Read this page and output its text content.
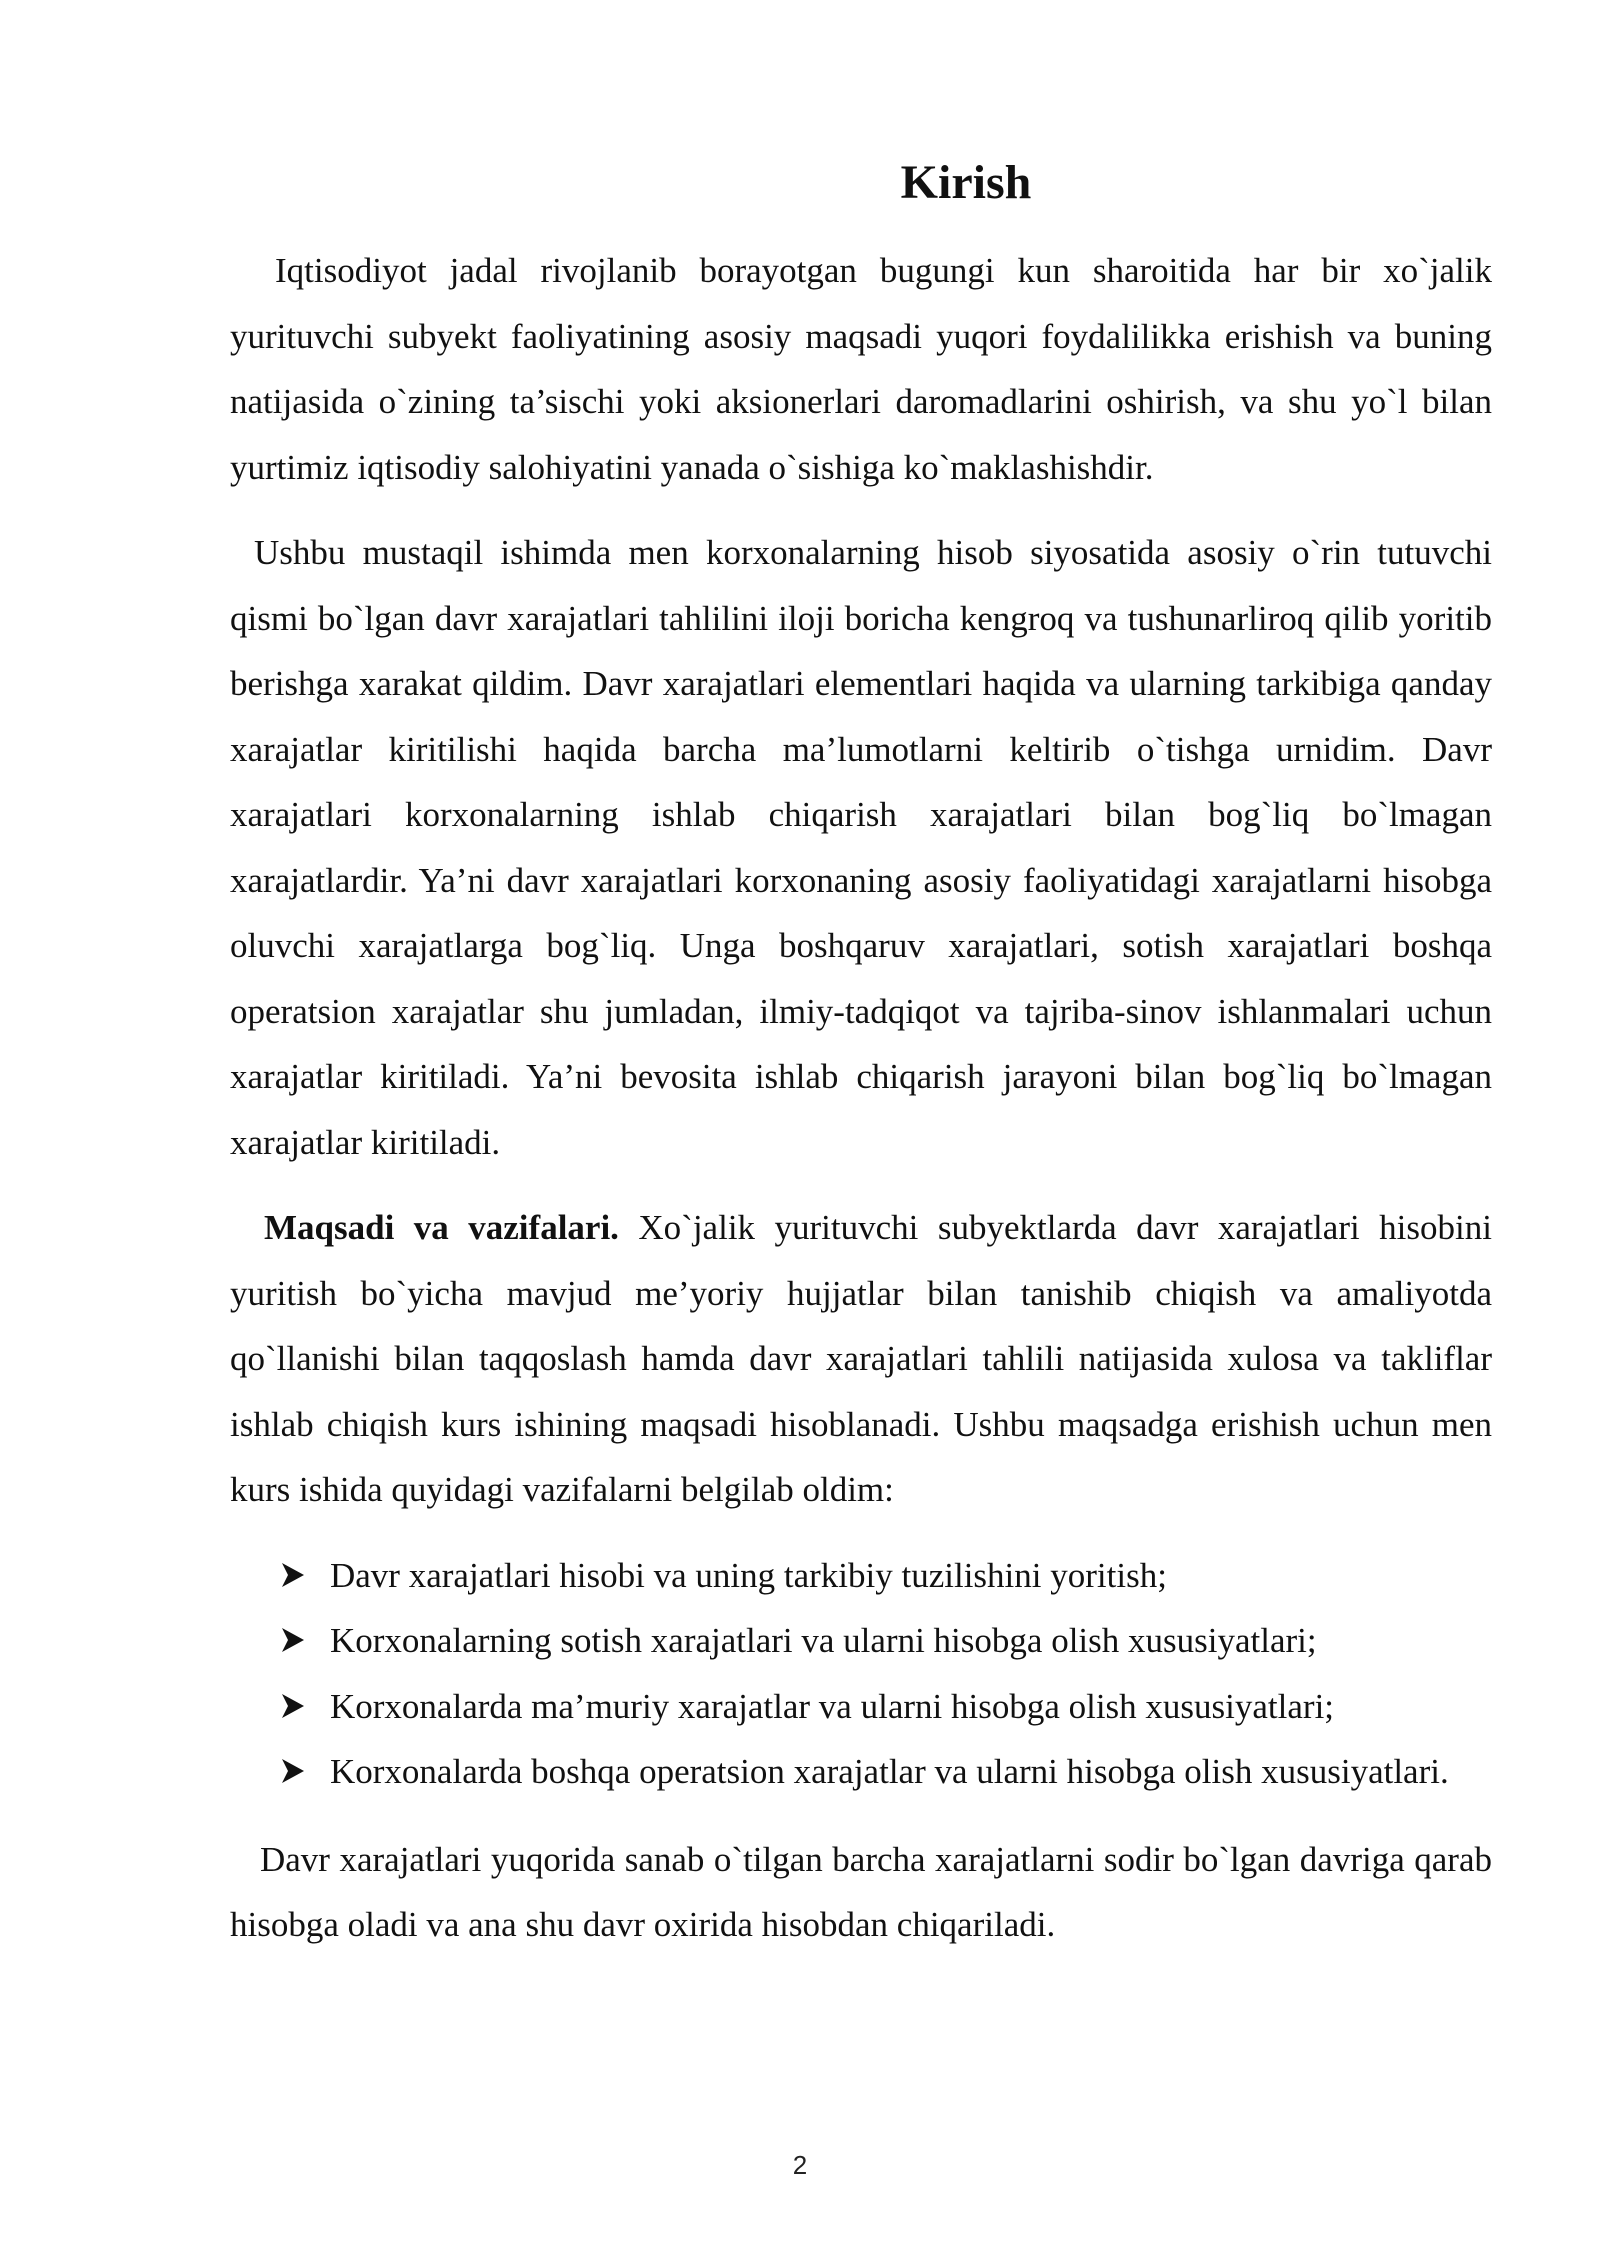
Kirish

Iqtisodiyot jadal rivojlanib borayotgan bugungi kun sharoitida har bir xo`jalik yurituvchi subyekt faoliyatining asosiy maqsadi yuqori foydalilikka erishish va buning natijasida o`zining ta’sischi yoki aksionerlari daromadlarini oshirish, va shu yo`l bilan yurtimiz iqtisodiy salohiyatini yanada o`sishiga ko`maklashishdir.

Ushbu mustaqil ishimda men korxonalarning hisob siyosatida asosiy o`rin tutuvchi qismi bo`lgan davr xarajatlari tahlilini iloji boricha kengroq va tushunarliroq qilib yoritib berishga xarakat qildim. Davr xarajatlari elementlari haqida va ularning tarkibiga qanday xarajatlar kiritilishi haqida barcha ma’lumotlarni keltirib o`tishga urnidim. Davr xarajatlari korxonalarning ishlab chiqarish xarajatlari bilan bog`liq bo`lmagan xarajatlardir. Ya’ni davr xarajatlari korxonaning asosiy faoliyatidagi xarajatlarni hisobga oluvchi xarajatlarga bog`liq. Unga boshqaruv xarajatlari, sotish xarajatlari boshqa operatsion xarajatlar shu jumladan, ilmiy-tadqiqot va tajriba-sinov ishlanmalari uchun xarajatlar kiritiladi. Ya’ni bevosita ishlab chiqarish jarayoni bilan bog`liq bo`lmagan xarajatlar kiritiladi.

Maqsadi va vazifalari. Xo`jalik yurituvchi subyektlarda davr xarajatlari hisobini yuritish bo`yicha mavjud me’yoriy hujjatlar bilan tanishib chiqish va amaliyotda qo`llanishi bilan taqqoslash hamda davr xarajatlari tahlili natijasida xulosa va takliflar ishlab chiqish kurs ishining maqsadi hisoblanadi. Ushbu maqsadga erishish uchun men kurs ishida quyidagi vazifalarni belgilab oldim:

Davr xarajatlari hisobi va uning tarkibiy tuzilishini yoritish;
Korxonalarning sotish xarajatlari va ularni hisobga olish xususiyatlari;
Korxonalarda ma’muriy xarajatlar va ularni hisobga olish xususiyatlari;
Korxonalarda boshqa operatsion xarajatlar va ularni hisobga olish xususiyatlari.

Davr xarajatlari yuqorida sanab o`tilgan barcha xarajatlarni sodir bo`lgan davriga qarab hisobga oladi va ana shu davr oxirida hisobdan chiqariladi.

2
